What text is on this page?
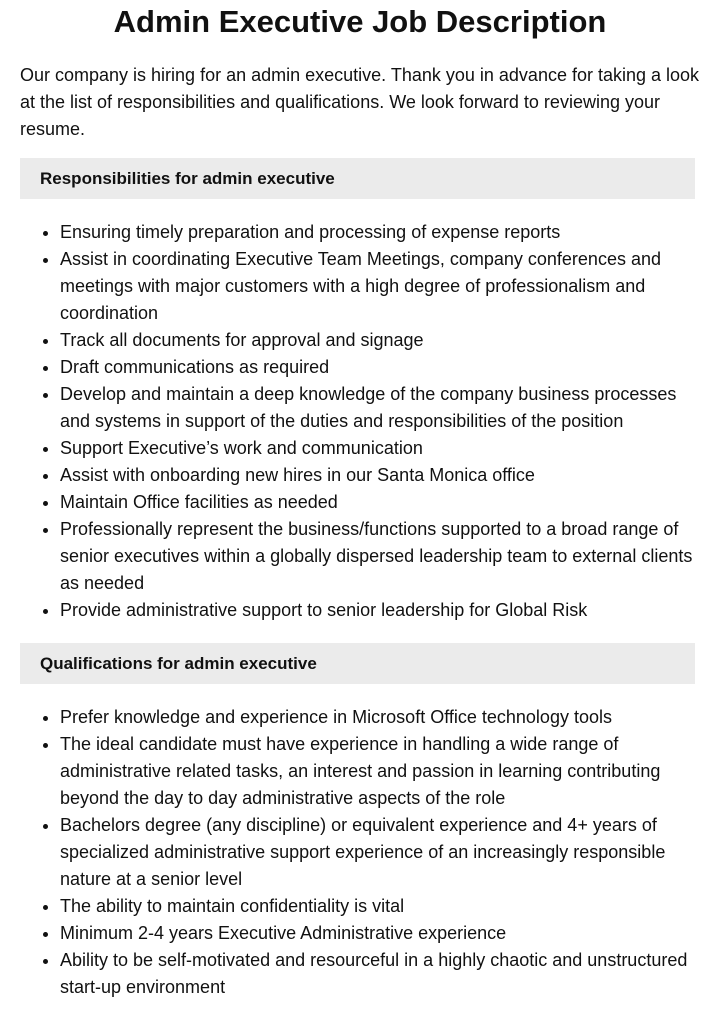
Admin Executive Job Description

Our company is hiring for an admin executive. Thank you in advance for taking a look at the list of responsibilities and qualifications. We look forward to reviewing your resume.

Responsibilities for admin executive
• Ensuring timely preparation and processing of expense reports
• Assist in coordinating Executive Team Meetings, company conferences and meetings with major customers with a high degree of professionalism and coordination
• Track all documents for approval and signage
• Draft communications as required
• Develop and maintain a deep knowledge of the company business processes and systems in support of the duties and responsibilities of the position
• Support Executive’s work and communication
• Assist with onboarding new hires in our Santa Monica office
• Maintain Office facilities as needed
• Professionally represent the business/functions supported to a broad range of senior executives within a globally dispersed leadership team to external clients as needed
• Provide administrative support to senior leadership for Global Risk
Qualifications for admin executive
• Prefer knowledge and experience in Microsoft Office technology tools
• The ideal candidate must have experience in handling a wide range of administrative related tasks, an interest and passion in learning contributing beyond the day to day administrative aspects of the role
• Bachelors degree (any discipline) or equivalent experience and 4+ years of specialized administrative support experience of an increasingly responsible nature at a senior level
• The ability to maintain confidentiality is vital
• Minimum 2-4 years Executive Administrative experience
• Ability to be self-motivated and resourceful in a highly chaotic and unstructured start-up environment
